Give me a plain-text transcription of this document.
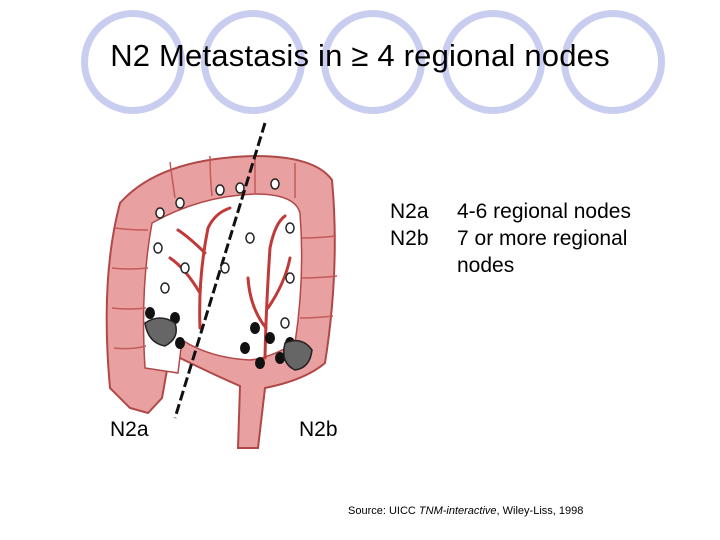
N2 Metastasis in ≥ 4 regional nodes
N2a 4-6 regional nodes
N2b 7 or more regional nodes
N2a	N2b
Source: UICC TNM-interactive, Wiley-Liss, 1998
